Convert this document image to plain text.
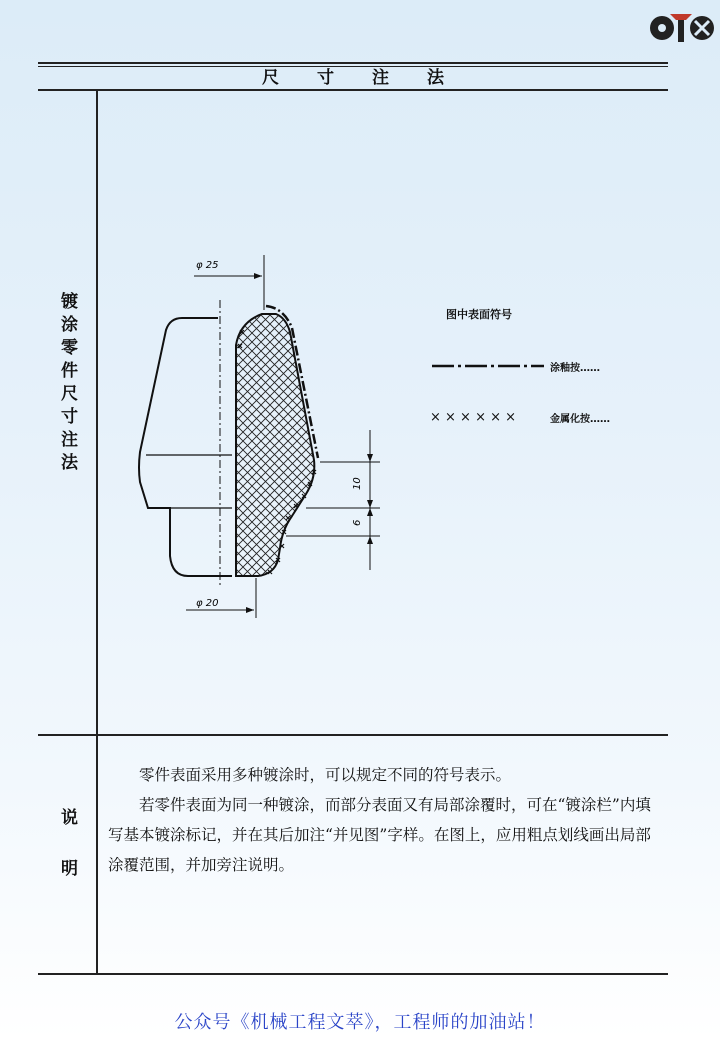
尺寸注法
镀涂零件尺寸注法
说明
φ 25
φ 20
10
6
图中表面符号
涂釉按……
× × × × × ×	金属化按……

零件表面采用多种镀涂时，可以规定不同的符号表示。

若零件表面为同一种镀涂，而部分表面又有局部涂覆时，可在“镀涂栏”内填写基本镀涂标记，并在其后加注“并见图”字样。在图上，应用粗点划线画出局部涂覆范围，并加旁注说明。

公众号《机械工程文萃》，工程师的加油站！
